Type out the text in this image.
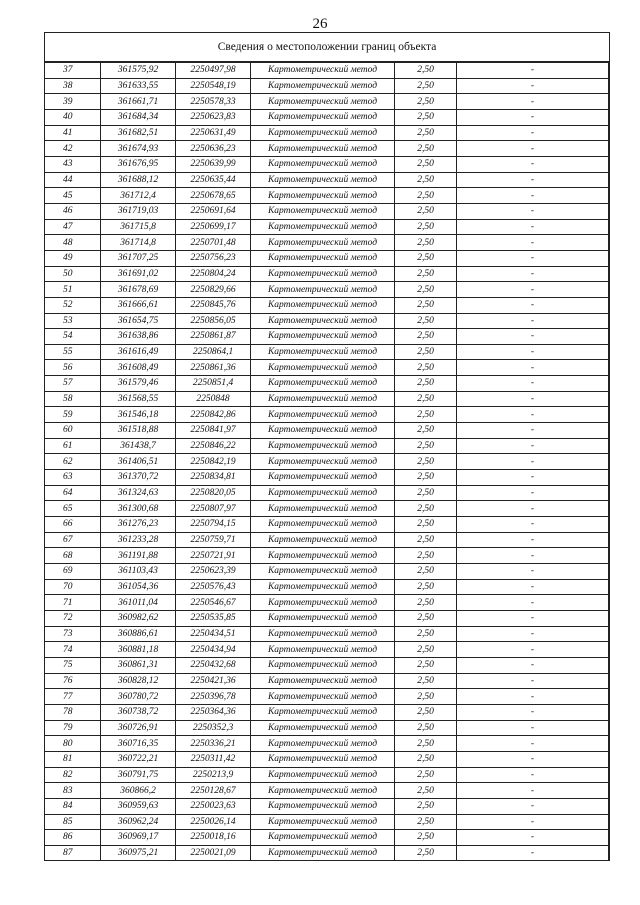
26
Сведения о местоположении границ объекта
37	361575,92	2250497,98	Картометрический метод	2,50	-
38	361633,55	2250548,19	Картометрический метод	2,50	-
39	361661,71	2250578,33	Картометрический метод	2,50	-
40	361684,34	2250623,83	Картометрический метод	2,50	-
41	361682,51	2250631,49	Картометрический метод	2,50	-
42	361674,93	2250636,23	Картометрический метод	2,50	-
43	361676,95	2250639,99	Картометрический метод	2,50	-
44	361688,12	2250635,44	Картометрический метод	2,50	-
45	361712,4	2250678,65	Картометрический метод	2,50	-
46	361719,03	2250691,64	Картометрический метод	2,50	-
47	361715,8	2250699,17	Картометрический метод	2,50	-
48	361714,8	2250701,48	Картометрический метод	2,50	-
49	361707,25	2250756,23	Картометрический метод	2,50	-
50	361691,02	2250804,24	Картометрический метод	2,50	-
51	361678,69	2250829,66	Картометрический метод	2,50	-
52	361666,61	2250845,76	Картометрический метод	2,50	-
53	361654,75	2250856,05	Картометрический метод	2,50	-
54	361638,86	2250861,87	Картометрический метод	2,50	-
55	361616,49	2250864,1	Картометрический метод	2,50	-
56	361608,49	2250861,36	Картометрический метод	2,50	-
57	361579,46	2250851,4	Картометрический метод	2,50	-
58	361568,55	2250848	Картометрический метод	2,50	-
59	361546,18	2250842,86	Картометрический метод	2,50	-
60	361518,88	2250841,97	Картометрический метод	2,50	-
61	361438,7	2250846,22	Картометрический метод	2,50	-
62	361406,51	2250842,19	Картометрический метод	2,50	-
63	361370,72	2250834,81	Картометрический метод	2,50	-
64	361324,63	2250820,05	Картометрический метод	2,50	-
65	361300,68	2250807,97	Картометрический метод	2,50	-
66	361276,23	2250794,15	Картометрический метод	2,50	-
67	361233,28	2250759,71	Картометрический метод	2,50	-
68	361191,88	2250721,91	Картометрический метод	2,50	-
69	361103,43	2250623,39	Картометрический метод	2,50	-
70	361054,36	2250576,43	Картометрический метод	2,50	-
71	361011,04	2250546,67	Картометрический метод	2,50	-
72	360982,62	2250535,85	Картометрический метод	2,50	-
73	360886,61	2250434,51	Картометрический метод	2,50	-
74	360881,18	2250434,94	Картометрический метод	2,50	-
75	360861,31	2250432,68	Картометрический метод	2,50	-
76	360828,12	2250421,36	Картометрический метод	2,50	-
77	360780,72	2250396,78	Картометрический метод	2,50	-
78	360738,72	2250364,36	Картометрический метод	2,50	-
79	360726,91	2250352,3	Картометрический метод	2,50	-
80	360716,35	2250336,21	Картометрический метод	2,50	-
81	360722,21	2250311,42	Картометрический метод	2,50	-
82	360791,75	2250213,9	Картометрический метод	2,50	-
83	360866,2	2250128,67	Картометрический метод	2,50	-
84	360959,63	2250023,63	Картометрический метод	2,50	-
85	360962,24	2250026,14	Картометрический метод	2,50	-
86	360969,17	2250018,16	Картометрический метод	2,50	-
87	360975,21	2250021,09	Картометрический метод	2,50	-
